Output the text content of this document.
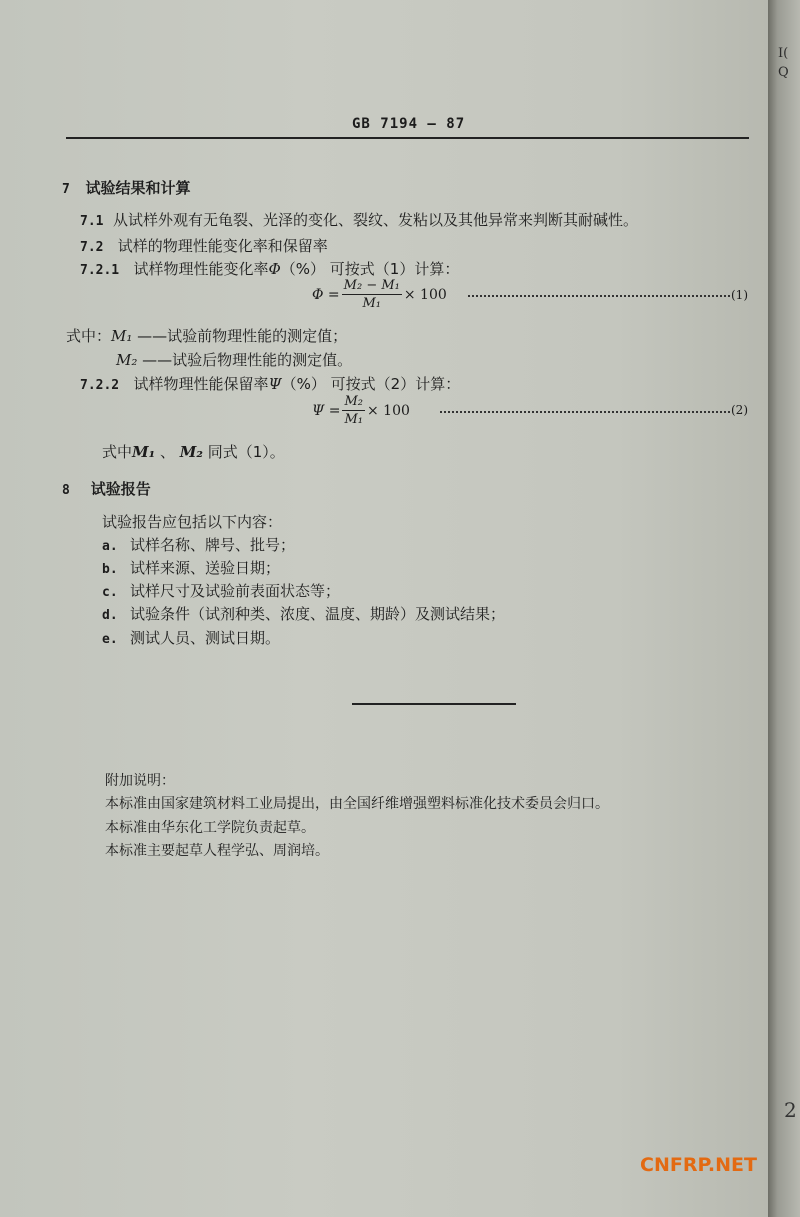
I(
Q
2
GB 7194 — 87
7 试验结果和计算
7.1 从试样外观有无龟裂、光泽的变化、裂纹、发粘以及其他异常来判断其耐碱性。
7.2 试样的物理性能变化率和保留率
7.2.1 试样物理性能变化率Φ（%） 可按式（1）计算：
$\Phi = \frac{\text{M₂ − M₁}}{\text{M₁}} \times 100$	(1)
式中：M₁ ——试验前物理性能的测定值；
M₂ ——试验后物理性能的测定值。
7.2.2 试样物理性能保留率Ψ（%） 可按式（2）计算：
$\Psi = \frac{\text{M₂}}{\text{M₁}} \times 100$	(2)
式中M₁ 、 M₂ 同式（1）。
8 试验报告
试验报告应包括以下内容：
a. 试样名称、牌号、批号；
b. 试样来源、送验日期；
c. 试样尺寸及试验前表面状态等；
d. 试验条件（试剂种类、浓度、温度、期龄）及测试结果；
e. 测试人员、测试日期。
附加说明：
本标准由国家建筑材料工业局提出，由全国纤维增强塑料标准化技术委员会归口。
本标准由华东化工学院负责起草。
本标准主要起草人程学弘、周润培。
CNFRP.NET
